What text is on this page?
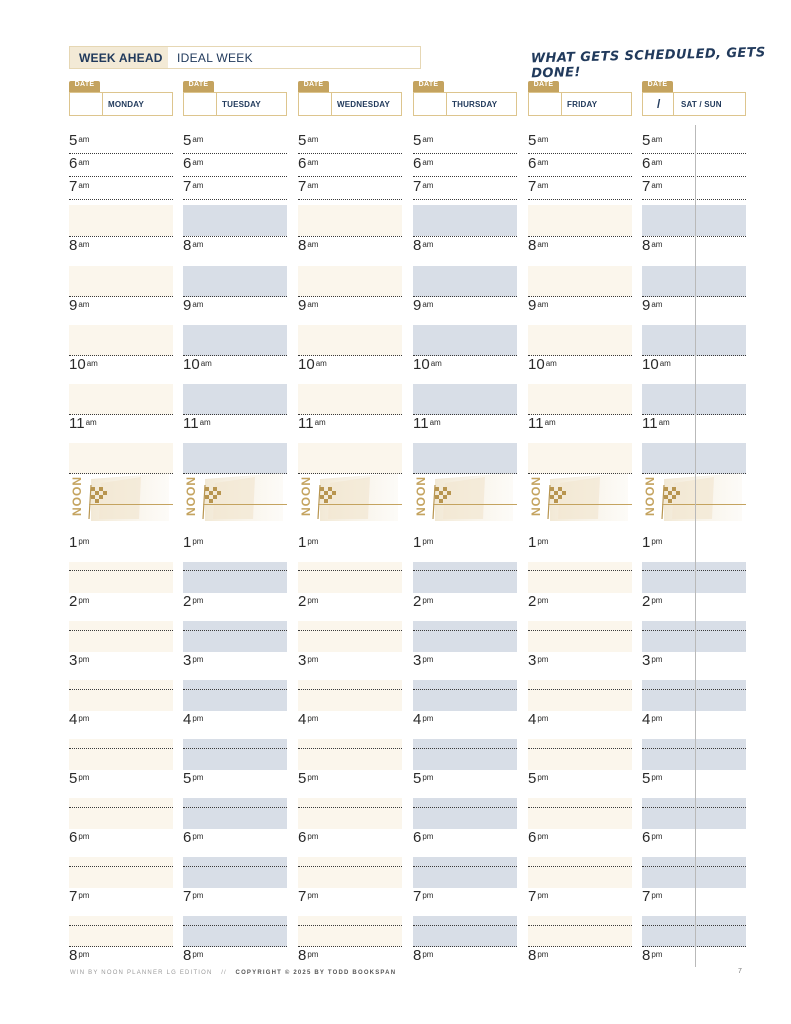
WEEK AHEAD IDEAL WEEK	WHAT GETS SCHEDULED, GETS DONE!
DATE
MONDAY
$5^{am}$
$6^{am}$
$7^{am}$
$8^{am}$
$9^{am}$
$10^{am}$
$11^{am}$
NOON
$1^{pm}$
$2^{pm}$
$3^{pm}$
$4^{pm}$
$5^{pm}$
$6^{pm}$
$7^{pm}$
$8^{pm}$
DATE
TUESDAY
$5^{am}$
$6^{am}$
$7^{am}$
$8^{am}$
$9^{am}$
$10^{am}$
$11^{am}$
NOON
$1^{pm}$
$2^{pm}$
$3^{pm}$
$4^{pm}$
$5^{pm}$
$6^{pm}$
$7^{pm}$
$8^{pm}$
DATE
WEDNESDAY
$5^{am}$
$6^{am}$
$7^{am}$
$8^{am}$
$9^{am}$
$10^{am}$
$11^{am}$
NOON
$1^{pm}$
$2^{pm}$
$3^{pm}$
$4^{pm}$
$5^{pm}$
$6^{pm}$
$7^{pm}$
$8^{pm}$
DATE
THURSDAY
$5^{am}$
$6^{am}$
$7^{am}$
$8^{am}$
$9^{am}$
$10^{am}$
$11^{am}$
NOON
$1^{pm}$
$2^{pm}$
$3^{pm}$
$4^{pm}$
$5^{pm}$
$6^{pm}$
$7^{pm}$
$8^{pm}$
DATE
FRIDAY
$5^{am}$
$6^{am}$
$7^{am}$
$8^{am}$
$9^{am}$
$10^{am}$
$11^{am}$
NOON
$1^{pm}$
$2^{pm}$
$3^{pm}$
$4^{pm}$
$5^{pm}$
$6^{pm}$
$7^{pm}$
$8^{pm}$
DATE
/	SAT / SUN
$5^{am}$
$6^{am}$
$7^{am}$
$8^{am}$
$9^{am}$
$10^{am}$
$11^{am}$
NOON
$1^{pm}$
$2^{pm}$
$3^{pm}$
$4^{pm}$
$5^{pm}$
$6^{pm}$
$7^{pm}$
$8^{pm}$
WIN BY NOON PLANNER LG EDITION // COPYRIGHT © 2025 BY TODD BOOKSPAN	7
